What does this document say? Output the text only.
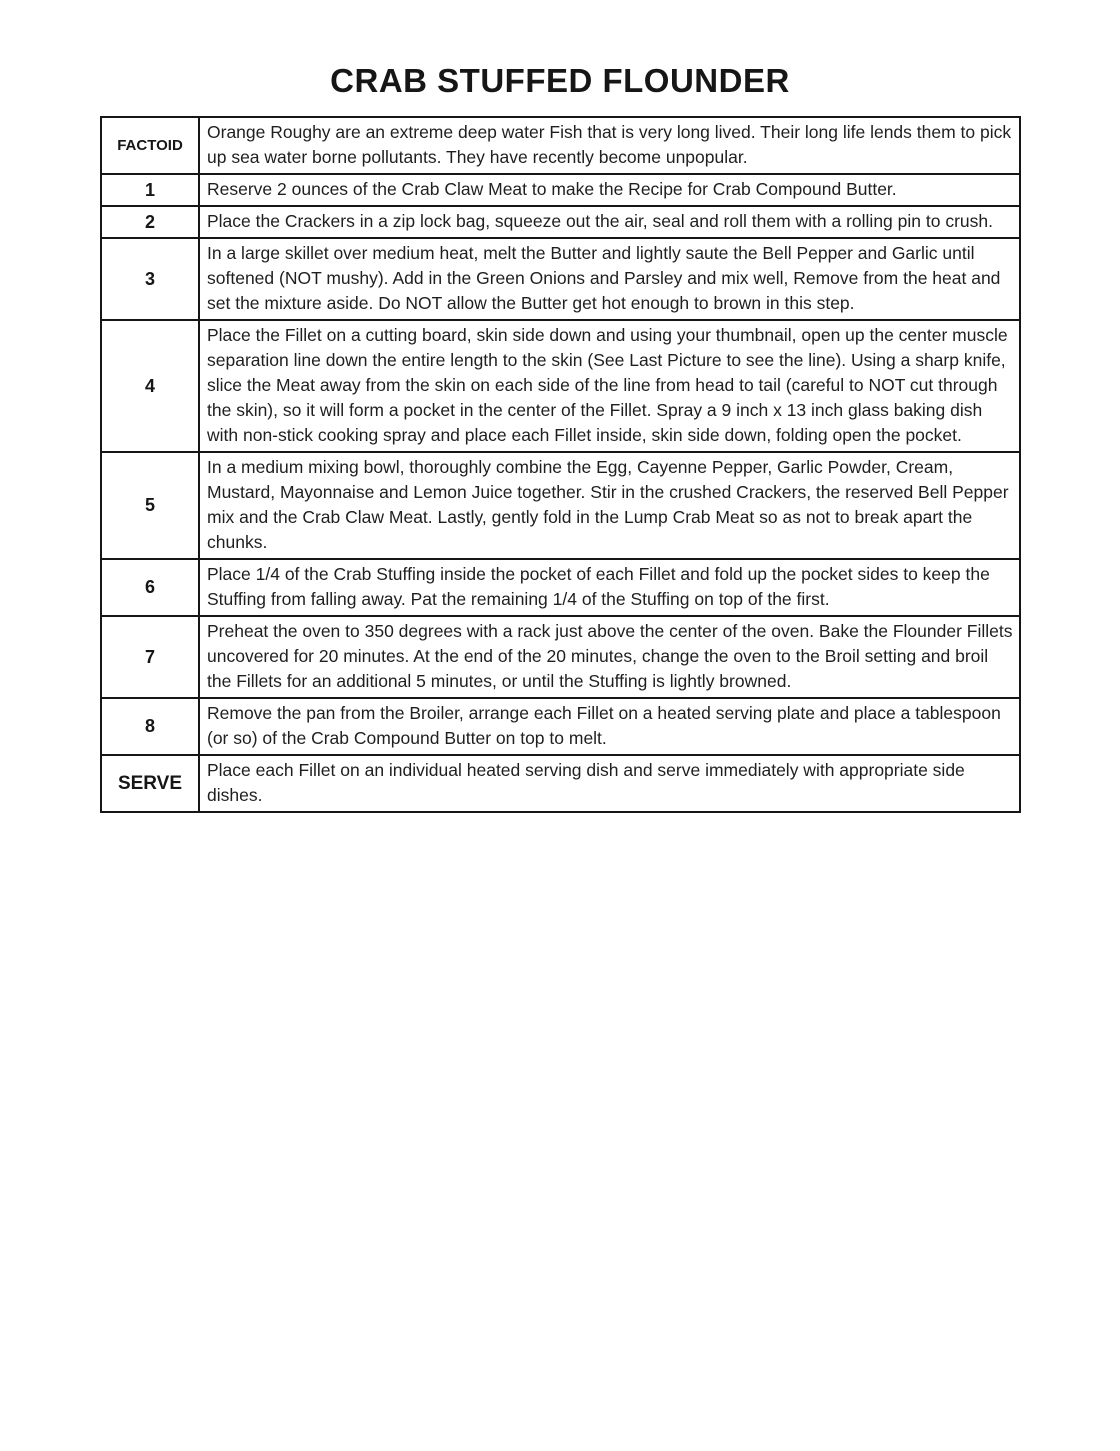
CRAB STUFFED FLOUNDER
FACTOID	Orange Roughy are an extreme deep water Fish that is very long lived. Their long life lends them to pick up sea water borne pollutants. They have recently become unpopular.
1	Reserve 2 ounces of the Crab Claw Meat to make the Recipe for Crab Compound Butter.
2	Place the Crackers in a zip lock bag, squeeze out the air, seal and roll them with a rolling pin to crush.
3	In a large skillet over medium heat, melt the Butter and lightly saute the Bell Pepper and Garlic until softened (NOT mushy). Add in the Green Onions and Parsley and mix well, Remove from the heat and set the mixture aside. Do NOT allow the Butter get hot enough to brown in this step.
4	Place the Fillet on a cutting board, skin side down and using your thumbnail, open up the center muscle separation line down the entire length to the skin (See Last Picture to see the line). Using a sharp knife, slice the Meat away from the skin on each side of the line from head to tail (careful to NOT cut through the skin), so it will form a pocket in the center of the Fillet. Spray a 9 inch x 13 inch glass baking dish with non-stick cooking spray and place each Fillet inside, skin side down, folding open the pocket.
5	In a medium mixing bowl, thoroughly combine the Egg, Cayenne Pepper, Garlic Powder, Cream, Mustard, Mayonnaise and Lemon Juice together. Stir in the crushed Crackers, the reserved Bell Pepper mix and the Crab Claw Meat. Lastly, gently fold in the Lump Crab Meat so as not to break apart the chunks.
6	Place 1/4 of the Crab Stuffing inside the pocket of each Fillet and fold up the pocket sides to keep the Stuffing from falling away. Pat the remaining 1/4 of the Stuffing on top of the first.
7	Preheat the oven to 350 degrees with a rack just above the center of the oven. Bake the Flounder Fillets uncovered for 20 minutes. At the end of the 20 minutes, change the oven to the Broil setting and broil the Fillets for an additional 5 minutes, or until the Stuffing is lightly browned.
8	Remove the pan from the Broiler, arrange each Fillet on a heated serving plate and place a tablespoon (or so) of the Crab Compound Butter on top to melt.
SERVE	Place each Fillet on an individual heated serving dish and serve immediately with appropriate side dishes.
